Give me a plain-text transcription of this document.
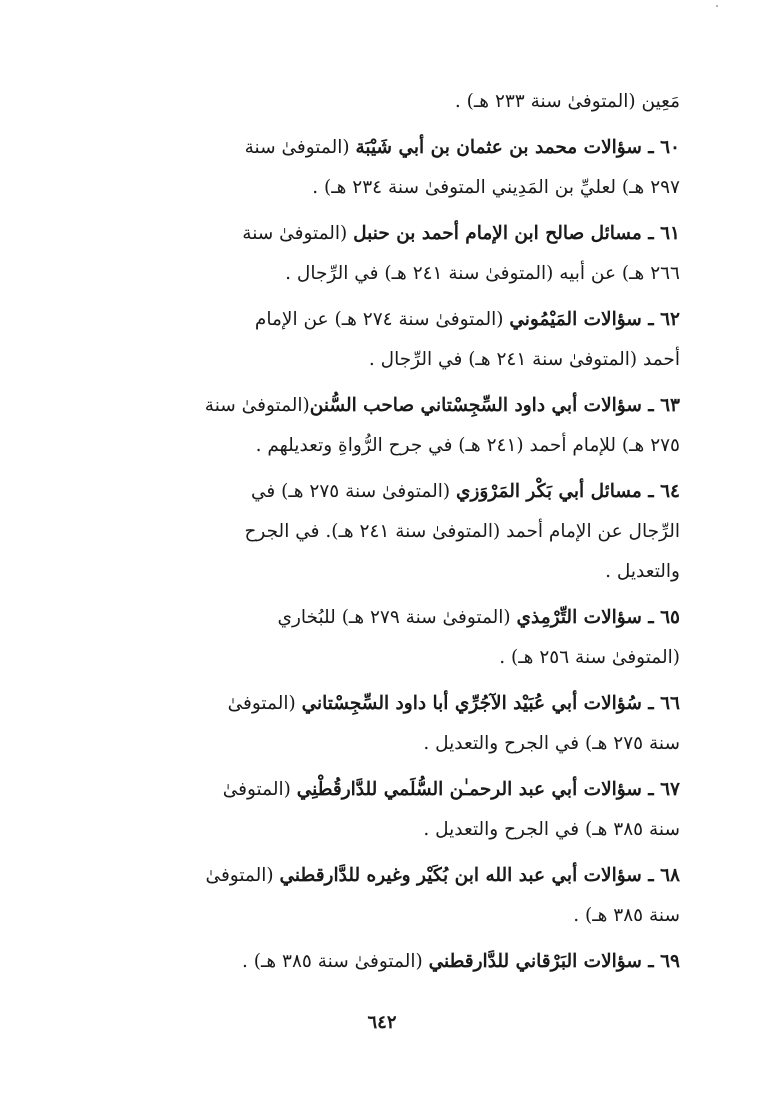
مَعِين (المتوفىٰ سنة ٢٣٣ هـ) .

٦٠ ـ سؤالات محمد بن عثمان بن أبي شَيْبَة (المتوفىٰ سنة
٢٩٧ هـ) لعليِّ بن المَدِيني المتوفىٰ سنة ٢٣٤ هـ) .

٦١ ـ مسائل صالح ابن الإمام أحمد بن حنبل (المتوفىٰ سنة
٢٦٦ هـ) عن أبيه (المتوفىٰ سنة ٢٤١ هـ) في الرِّجال .

٦٢ ـ سؤالات المَيْمُوني (المتوفىٰ سنة ٢٧٤ هـ) عن الإمام
أحمد (المتوفىٰ سنة ٢٤١ هـ) في الرِّجال .

٦٣ ـ سؤالات أبي داود السِّجِسْتاني صاحب السُّنن(المتوفىٰ سنة
٢٧٥ هـ) للإمام أحمد (٢٤١ هـ) في جرح الرُّواةِ وتعديلهم .

٦٤ ـ مسائل أبي بَكْر المَرْوَزي (المتوفىٰ سنة ٢٧٥ هـ) في
الرِّجال عن الإمام أحمد (المتوفىٰ سنة ٢٤١ هـ). في الجرح
والتعديل .

٦٥ ـ سؤالات التِّرْمِذي (المتوفىٰ سنة ٢٧٩ هـ) للبُخاري
(المتوفىٰ سنة ٢٥٦ هـ) .

٦٦ ـ سُؤالات أبي عُبَيْد الآجُرِّي أبا داود السِّجِسْتاني (المتوفىٰ
سنة ٢٧٥ هـ) في الجرح والتعديل .

٦٧ ـ سؤالات أبي عبد الرحمـٰن السُّلَمي للدَّارقُطْنِي (المتوفىٰ
سنة ٣٨٥ هـ) في الجرح والتعديل .

٦٨ ـ سؤالات أبي عبد الله ابن بُكَيْر وغيره للدَّارقطني (المتوفىٰ
سنة ٣٨٥ هـ) .

٦٩ ـ سؤالات البَرْقاني للدَّارقطني (المتوفىٰ سنة ٣٨٥ هـ) .

٦٤٢
